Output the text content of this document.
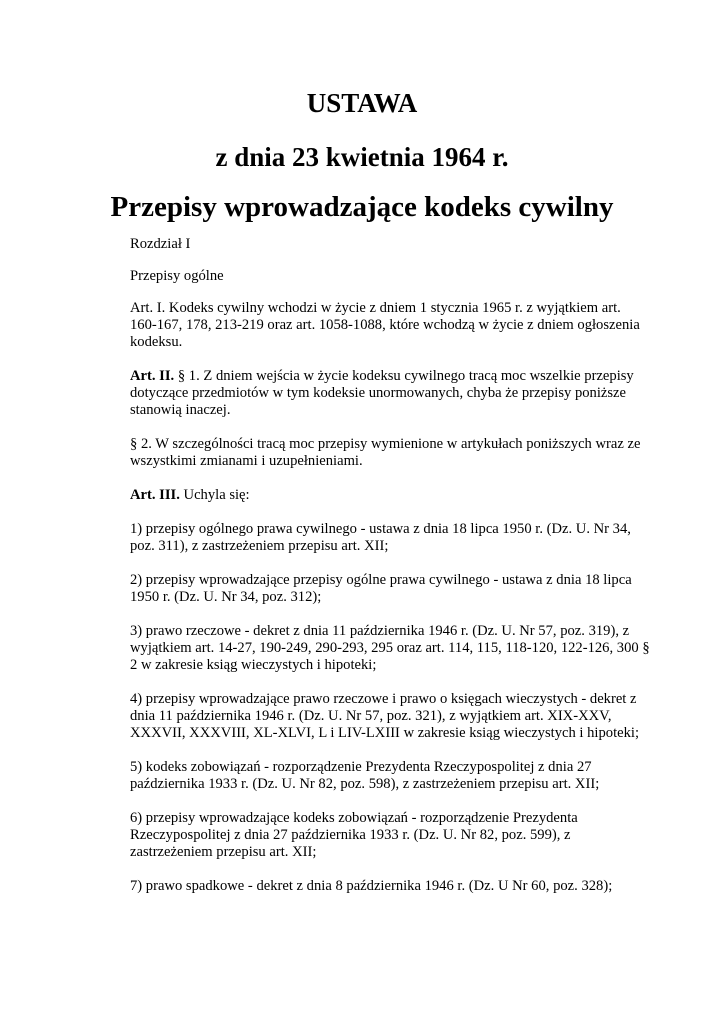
USTAWA
z dnia 23 kwietnia 1964 r.
Przepisy wprowadzające kodeks cywilny

Rozdział I

Przepisy ogólne

Art. I. Kodeks cywilny wchodzi w życie z dniem 1 stycznia 1965 r. z wyjątkiem art. 160-167, 178, 213-219 oraz art. 1058-1088, które wchodzą w życie z dniem ogłoszenia kodeksu.

Art. II. § 1. Z dniem wejścia w życie kodeksu cywilnego tracą moc wszelkie przepisy dotyczące przedmiotów w tym kodeksie unormowanych, chyba że przepisy poniższe stanowią inaczej.

§ 2. W szczególności tracą moc przepisy wymienione w artykułach poniższych wraz ze wszystkimi zmianami i uzupełnieniami.

Art. III. Uchyla się:

1) przepisy ogólnego prawa cywilnego - ustawa z dnia 18 lipca 1950 r. (Dz. U. Nr 34, poz. 311), z zastrzeżeniem przepisu art. XII;

2) przepisy wprowadzające przepisy ogólne prawa cywilnego - ustawa z dnia 18 lipca 1950 r. (Dz. U. Nr 34, poz. 312);

3) prawo rzeczowe - dekret z dnia 11 października 1946 r. (Dz. U. Nr 57, poz. 319), z wyjątkiem art. 14-27, 190-249, 290-293, 295 oraz art. 114, 115, 118-120, 122-126, 300 § 2 w zakresie ksiąg wieczystych i hipoteki;

4) przepisy wprowadzające prawo rzeczowe i prawo o księgach wieczystych - dekret z dnia 11 października 1946 r. (Dz. U. Nr 57, poz. 321), z wyjątkiem art. XIX-XXV, XXXVII, XXXVIII, XL-XLVI, L i LIV-LXIII w zakresie ksiąg wieczystych i hipoteki;

5) kodeks zobowiązań - rozporządzenie Prezydenta Rzeczypospolitej z dnia 27 października 1933 r. (Dz. U. Nr 82, poz. 598), z zastrzeżeniem przepisu art. XII;

6) przepisy wprowadzające kodeks zobowiązań - rozporządzenie Prezydenta Rzeczypospolitej z dnia 27 października 1933 r. (Dz. U. Nr 82, poz. 599), z zastrzeżeniem przepisu art. XII;

7) prawo spadkowe - dekret z dnia 8 października 1946 r. (Dz. U Nr 60, poz. 328);
